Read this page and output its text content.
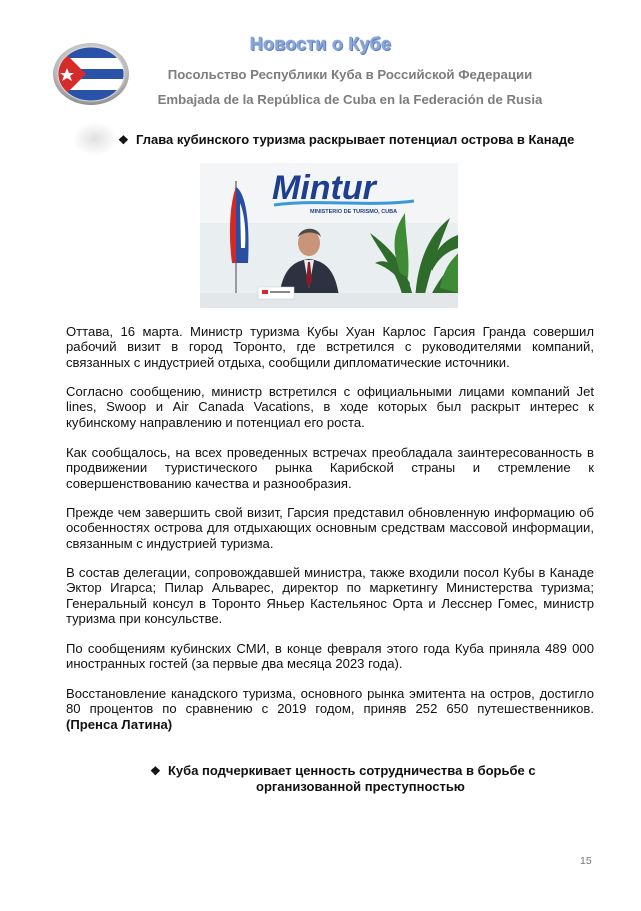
Новости о Кубе
Посольство Республики Куба в Российской Федерации
Embajada de la República de Cuba en la Federación de Rusia
❖ Глава кубинского туризма раскрывает потенциал острова в Канаде
Mintur
MINISTERIO DE TURISMO, CUBA

Оттава, 16 марта. Министр туризма Кубы Хуан Карлос Гарсия Гранда совершил рабочий визит в город Торонто, где встретился с руководителями компаний, связанных с индустрией отдыха, сообщили дипломатические источники.

Согласно сообщению, министр встретился с официальными лицами компаний Jet lines, Swoop и Air Canada Vacations, в ходе которых был раскрыт интерес к кубинскому направлению и потенциал его роста.

Как сообщалось, на всех проведенных встречах преобладала заинтересованность в продвижении туристического рынка Карибской страны и стремление к совершенствованию качества и разнообразия.

Прежде чем завершить свой визит, Гарсия представил обновленную информацию об особенностях острова для отдыхающих основным средствам массовой информации, связанным с индустрией туризма.

В состав делегации, сопровождавшей министра, также входили посол Кубы в Канаде Эктор Игарса; Пилар Альварес, директор по маркетингу Министерства туризма; Генеральный консул в Торонто Яньер Кастельянос Орта и Лесснер Гомес, министр туризма при консульстве.

По сообщениям кубинских СМИ, в конце февраля этого года Куба приняла 489 000 иностранных гостей (за первые два месяца 2023 года).

Восстановление канадского туризма, основного рынка эмитента на остров, достигло 80 процентов по сравнению с 2019 годом, приняв 252 650 путешественников. (Пренса Латина)

❖ Куба подчеркивает ценность сотрудничества в борьбе с
организованной преступностью
15
